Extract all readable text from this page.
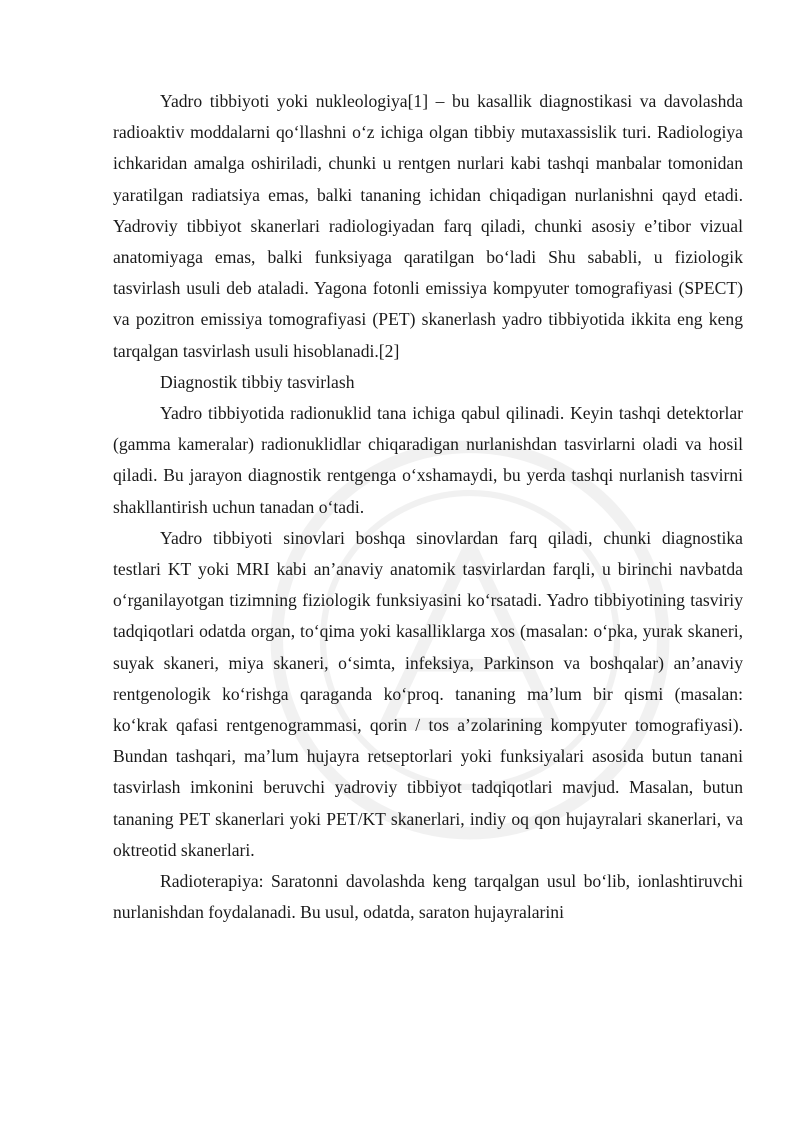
Yadro tibbiyoti yoki nukleologiya[1] – bu kasallik diagnostikasi va davolashda radioaktiv moddalarni qo‘llashni o‘z ichiga olgan tibbiy mutaxassislik turi. Radiologiya ichkaridan amalga oshiriladi, chunki u rentgen nurlari kabi tashqi manbalar tomonidan yaratilgan radiatsiya emas, balki tananing ichidan chiqadigan nurlanishni qayd etadi. Yadroviy tibbiyot skanerlari radiologiyadan farq qiladi, chunki asosiy e’tibor vizual anatomiyaga emas, balki funksiyaga qaratilgan bo‘ladi Shu sababli, u fiziologik tasvirlash usuli deb ataladi. Yagona fotonli emissiya kompyuter tomografiyasi (SPECT) va pozitron emissiya tomografiyasi (PET) skanerlash yadro tibbiyotida ikkita eng keng tarqalgan tasvirlash usuli hisoblanadi.[2]

Diagnostik tibbiy tasvirlash

Yadro tibbiyotida radionuklid tana ichiga qabul qilinadi. Keyin tashqi detektorlar (gamma kameralar) radionuklidlar chiqaradigan nurlanishdan tasvirlarni oladi va hosil qiladi. Bu jarayon diagnostik rentgenga o‘xshamaydi, bu yerda tashqi nurlanish tasvirni shakllantirish uchun tanadan o‘tadi.

Yadro tibbiyoti sinovlari boshqa sinovlardan farq qiladi, chunki diagnostika testlari KT yoki MRI kabi an’anaviy anatomik tasvirlardan farqli, u birinchi navbatda o‘rganilayotgan tizimning fiziologik funksiyasini ko‘rsatadi. Yadro tibbiyotining tasviriy tadqiqotlari odatda organ, to‘qima yoki kasalliklarga xos (masalan: o‘pka, yurak skaneri, suyak skaneri, miya skaneri, o‘simta, infeksiya, Parkinson va boshqalar) an’anaviy rentgenologik ko‘rishga qaraganda ko‘proq. tananing ma’lum bir qismi (masalan: ko‘krak qafasi rentgenogrammasi, qorin / tos a’zolarining kompyuter tomografiyasi). Bundan tashqari, ma’lum hujayra retseptorlari yoki funksiyalari asosida butun tanani tasvirlash imkonini beruvchi yadroviy tibbiyot tadqiqotlari mavjud. Masalan, butun tananing PET skanerlari yoki PET/KT skanerlari, indiy oq qon hujayralari skanerlari, va oktreotid skanerlari.

Radioterapiya: Saratonni davolashda keng tarqalgan usul bo‘lib, ionlashtiruvchi nurlanishdan foydalanadi. Bu usul, odatda, saraton hujayralarini
